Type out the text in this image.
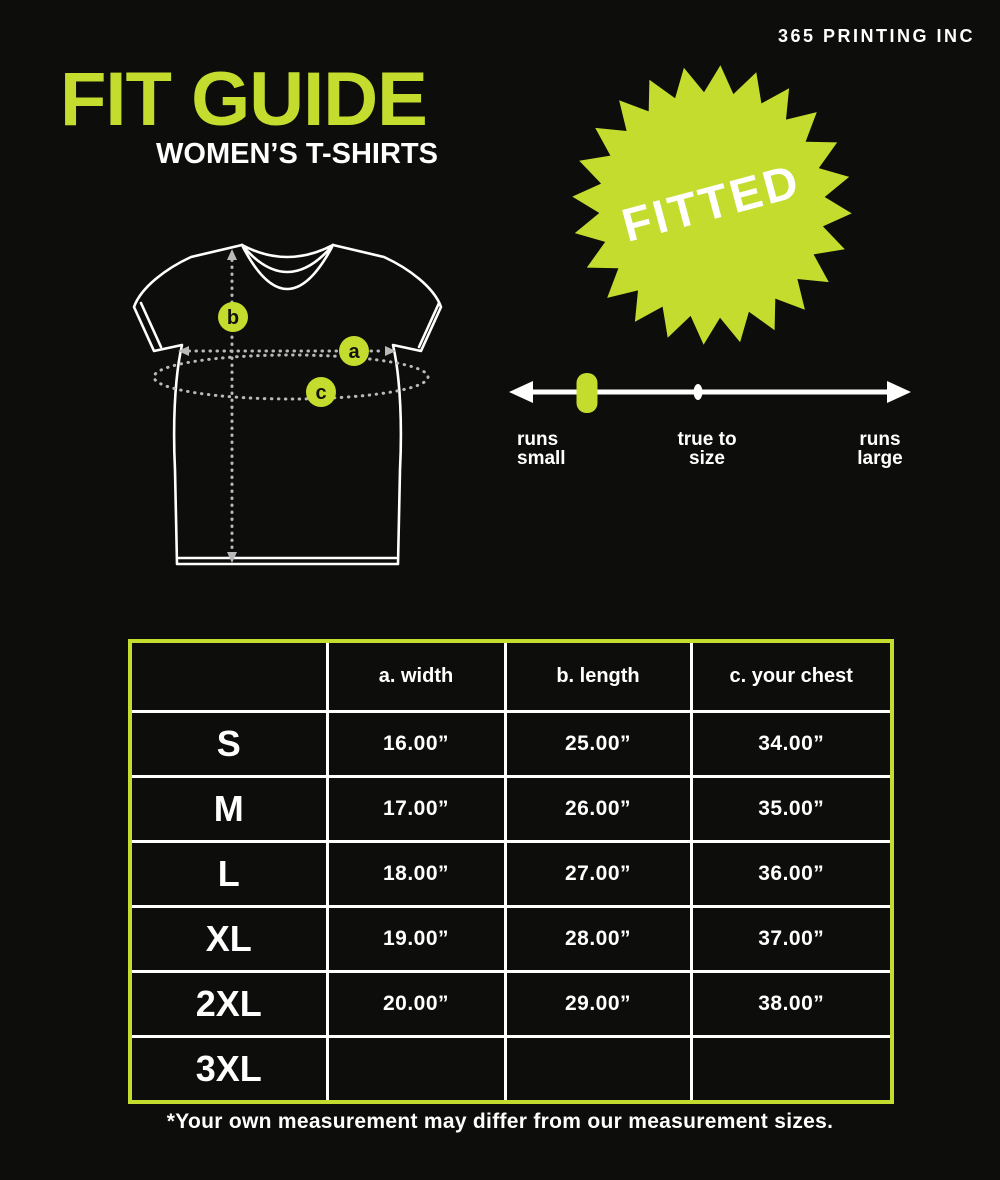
365 PRINTING INC
FIT GUIDE
WOMEN’S T-SHIRTS
b
a
c
FITTED
runs small
true to size
runs large
	a. width	b. length	c. your chest
S	16.00”	25.00”	34.00”
M	17.00”	26.00”	35.00”
L	18.00”	27.00”	36.00”
XL	19.00”	28.00”	37.00”
2XL	20.00”	29.00”	38.00”
3XL			
*Your own measurement may differ from our measurement sizes.
